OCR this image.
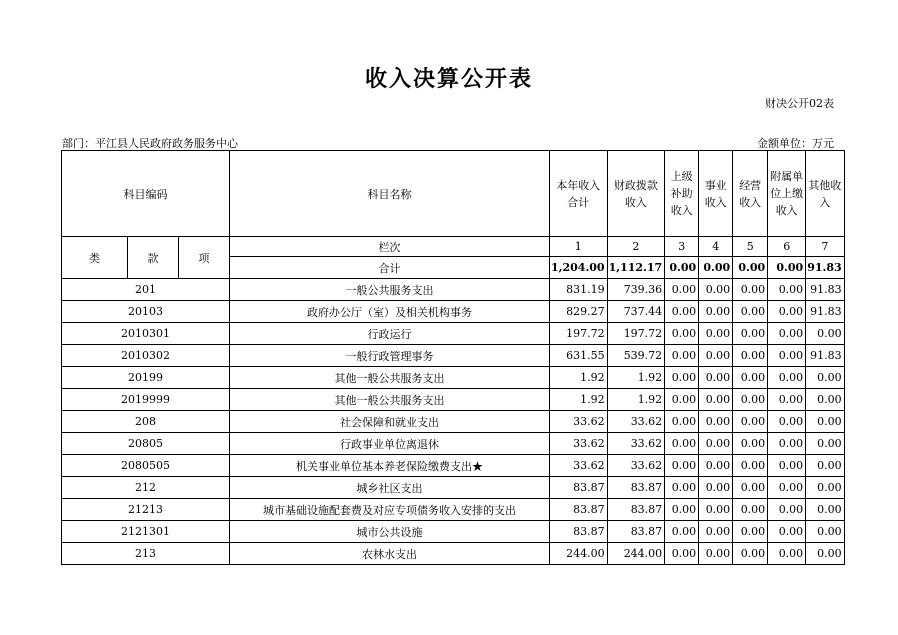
收入决算公开表
财决公开02表
部门：平江县人民政府政务服务中心	金额单位：万元
科目编码			科目名称	本年收入合计	财政拨款收入	上级补助收入	事业收入	经营收入	附属单位上缴收入	其他收入
类	款	项	栏次	1	2	3	4	5	6	7
			合计	1,204.00	1,112.17	0.00	0.00	0.00	0.00	91.83
201			一般公共服务支出	831.19	739.36	0.00	0.00	0.00	0.00	91.83
20103			政府办公厅（室）及相关机构事务	829.27	737.44	0.00	0.00	0.00	0.00	91.83
2010301			行政运行	197.72	197.72	0.00	0.00	0.00	0.00	0.00
2010302			一般行政管理事务	631.55	539.72	0.00	0.00	0.00	0.00	91.83
20199			其他一般公共服务支出	1.92	1.92	0.00	0.00	0.00	0.00	0.00
2019999			其他一般公共服务支出	1.92	1.92	0.00	0.00	0.00	0.00	0.00
208			社会保障和就业支出	33.62	33.62	0.00	0.00	0.00	0.00	0.00
20805			行政事业单位离退休	33.62	33.62	0.00	0.00	0.00	0.00	0.00
2080505			机关事业单位基本养老保险缴费支出★	33.62	33.62	0.00	0.00	0.00	0.00	0.00
212			城乡社区支出	83.87	83.87	0.00	0.00	0.00	0.00	0.00
21213			城市基础设施配套费及对应专项债务收入安排的支出	83.87	83.87	0.00	0.00	0.00	0.00	0.00
2121301			城市公共设施	83.87	83.87	0.00	0.00	0.00	0.00	0.00
213			农林水支出	244.00	244.00	0.00	0.00	0.00	0.00	0.00
